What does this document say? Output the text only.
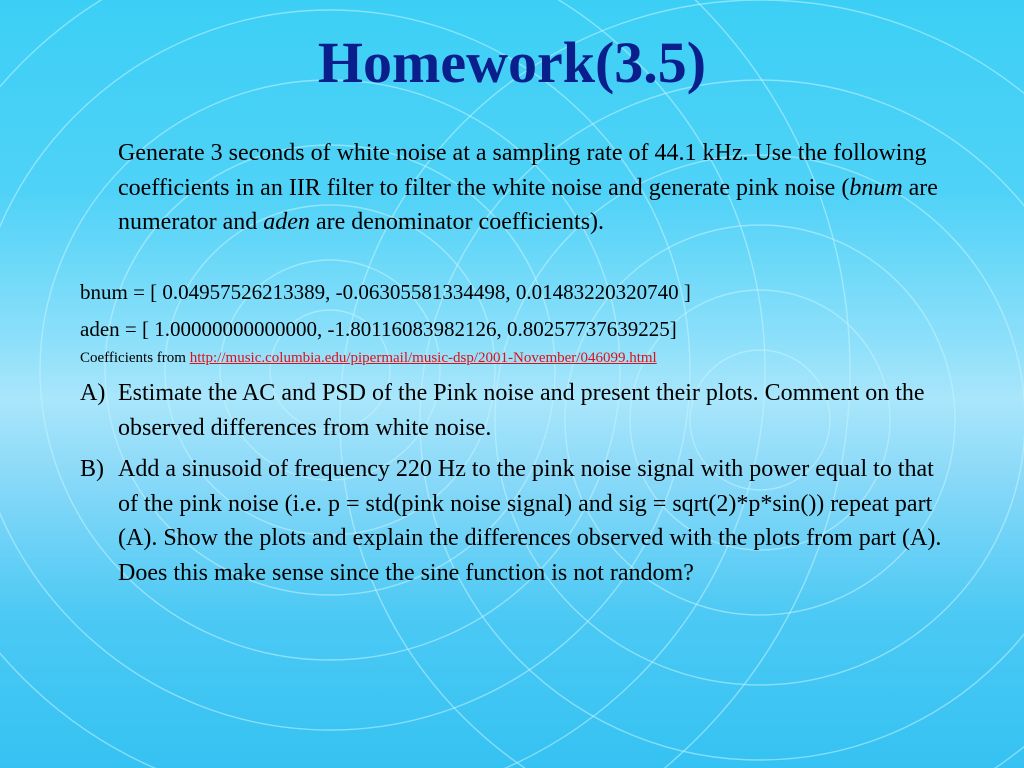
Homework(3.5)
Generate 3 seconds of white noise at a sampling rate of 44.1 kHz. Use the following coefficients in an IIR filter to filter the white noise and generate pink noise (bnum are numerator and aden are denominator coefficients).
bnum = [ 0.04957526213389, -0.06305581334498, 0.01483220320740 ]
aden = [ 1.00000000000000, -1.80116083982126, 0.80257737639225]
Coefficients from http://music.columbia.edu/pipermail/music-dsp/2001-November/046099.html
A) Estimate the AC and PSD of the Pink noise and present their plots. Comment on the observed differences from white noise.
B) Add a sinusoid of frequency 220 Hz to the pink noise signal with power equal to that of the pink noise (i.e. p = std(pink noise signal) and sig = sqrt(2)*p*sin()) repeat part (A). Show the plots and explain the differences observed with the plots from part (A). Does this make sense since the sine function is not random?
